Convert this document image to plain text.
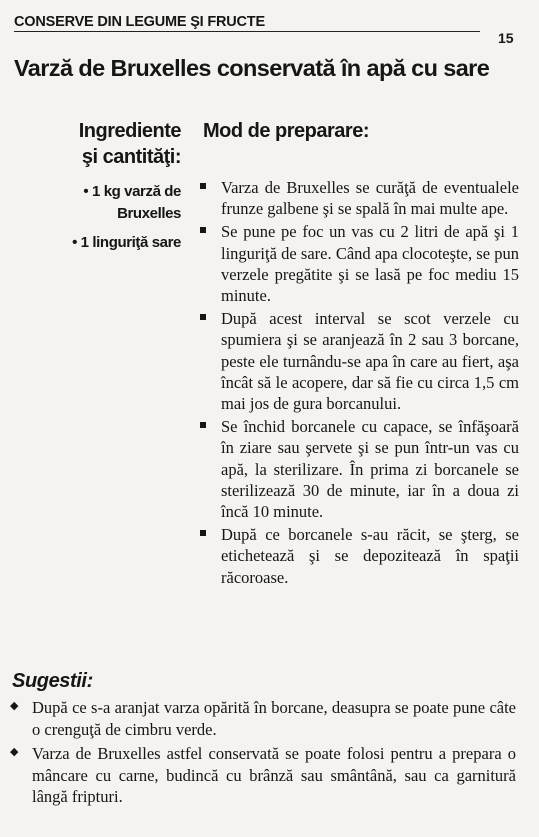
CONSERVE DIN LEGUME ŞI FRUCTE
15
Varză de Bruxelles conservată în apă cu sare
Ingrediente
şi cantităţi:
• 1 kg varză de Bruxelles
• 1 linguriţă sare
Mod de preparare:
Varza de Bruxelles se curăţă de eventualele frunze galbene şi se spală în mai multe ape.
Se pune pe foc un vas cu 2 litri de apă şi 1 linguriţă de sare. Când apa clocoteşte, se pun verzele pregătite şi se lasă pe foc mediu 15 minute.
După acest interval se scot verzele cu spumiera şi se aranjează în 2 sau 3 borcane, peste ele turnându-se apa în care au fiert, aşa încât să le acopere, dar să fie cu circa 1,5 cm mai jos de gura borcanului.
Se închid borcanele cu capace, se înfăşoară în ziare sau şervete şi se pun într-un vas cu apă, la sterilizare. În prima zi borcanele se sterilizează 30 de minute, iar în a doua zi încă 10 minute.
După ce borcanele s-au răcit, se şterg, se etichetează şi se depozitează în spaţii răcoroase.
Sugestii:
◆ După ce s-a aranjat varza opărită în borcane, deasupra se poate pune câte o crenguţă de cimbru verde.
◆ Varza de Bruxelles astfel conservată se poate folosi pentru a prepara o mâncare cu carne, budincă cu brânză sau smântână, sau ca garnitură lângă fripturi.
